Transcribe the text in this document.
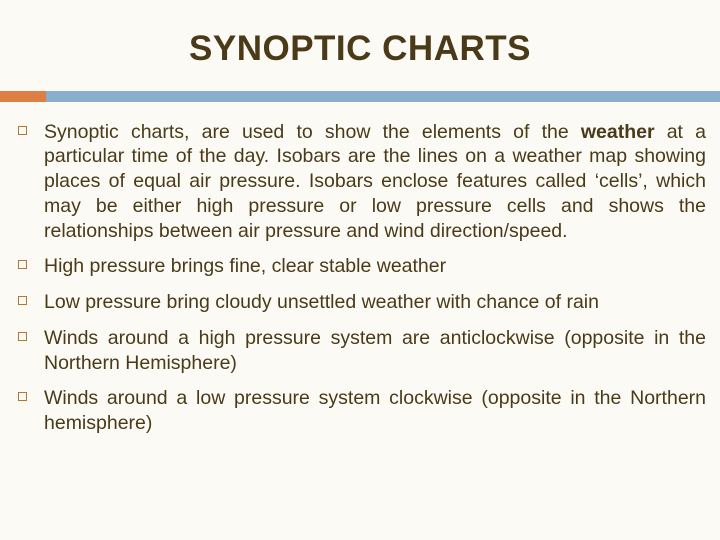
SYNOPTIC CHARTS
Synoptic charts, are used to show the elements of the weather at a particular time of the day. Isobars are the lines on a weather map showing places of equal air pressure. Isobars enclose features called ‘cells’, which may be either high pressure or low pressure cells and shows the relationships between air pressure and wind direction/speed.
High pressure brings fine, clear stable weather
Low pressure bring cloudy unsettled weather with chance of rain
Winds around a high pressure system are anticlockwise (opposite in the Northern Hemisphere)
Winds around a low pressure system clockwise (opposite in the Northern hemisphere)
